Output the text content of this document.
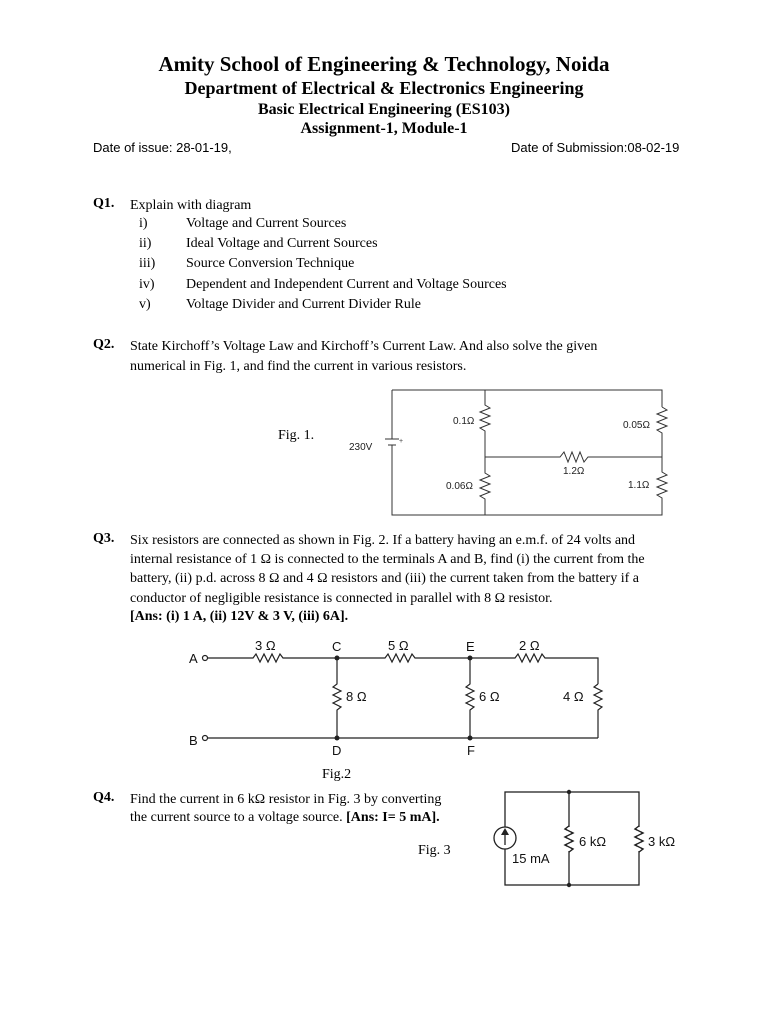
Amity School of Engineering & Technology, Noida
Department of Electrical & Electronics Engineering
Basic Electrical Engineering (ES103)
Assignment-1, Module-1
Date of issue: 28-01-19,	Date of Submission:08-02-19
Q1. Explain with diagram
i)	Voltage and Current Sources
ii) Ideal Voltage and Current Sources
iii) Source Conversion Technique
iv) Dependent and Independent Current and Voltage Sources
v)	Voltage Divider and Current Divider Rule
Q2. State Kirchoff’s Voltage Law and Kirchoff’s Current Law. And also solve the given
numerical in Fig. 1, and find the current in various resistors.
Fig. 1.
230V
+
0.1Ω	0.05Ω
1.2Ω
0.06Ω	1.1Ω
Q3. Six resistors are connected as shown in Fig. 2. If a battery having an e.m.f. of 24 volts and
internal resistance of 1 Ω is connected to the terminals A and B, find (i) the current from the
battery, (ii) p.d. across 8 Ω and 4 Ω resistors and (iii) the current taken from the battery if a
conductor of negligible resistance is connected in parallel with 8 Ω resistor.
[Ans: (i) 1 A, (ii) 12V & 3 V, (iii) 6A].
A
B
C
D
E
F
3 Ω	5 Ω	2 Ω
8 Ω	6 Ω	4 Ω
Fig.2
Q4. Find the current in 6 kΩ resistor in Fig. 3 by converting
the current source to a voltage source. [Ans: I= 5 mA].
Fig. 3
15 mA
6 kΩ	3 kΩ
